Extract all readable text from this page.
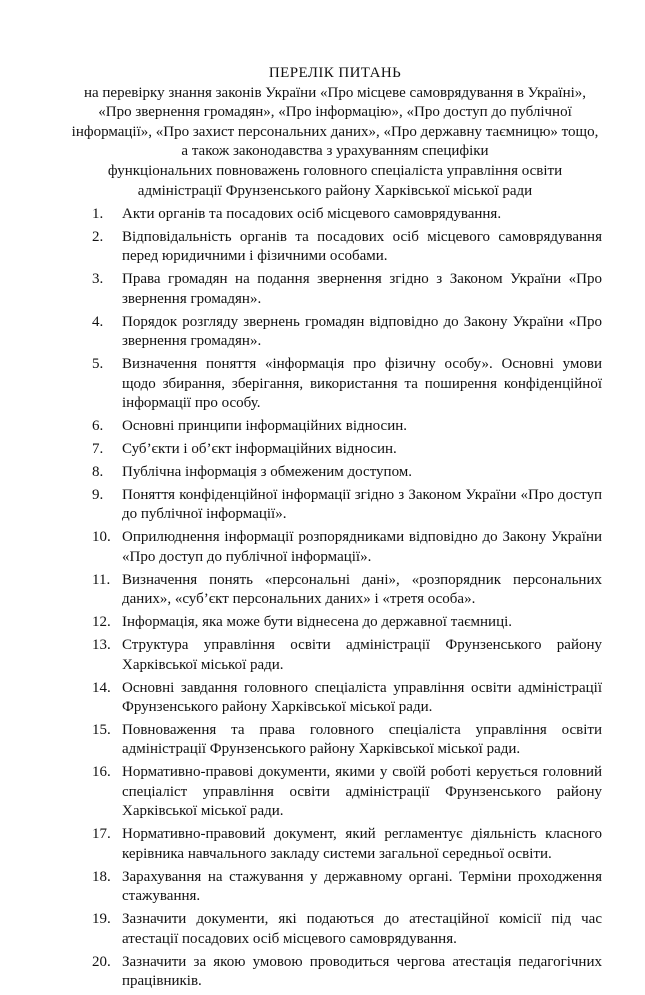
ПЕРЕЛІК ПИТАНЬ
на перевірку знання законів України «Про місцеве самоврядування в Україні»,
«Про звернення громадян», «Про інформацію», «Про доступ до публічної
інформації», «Про захист персональних даних», «Про державну таємницю» тощо,
а також законодавства з урахуванням специфіки
функціональних повноважень головного спеціаліста управління освіти
адміністрації Фрунзенського району Харківської міської ради
1.	Акти органів та посадових осіб місцевого самоврядування.
2.	Відповідальність органів та посадових осіб місцевого самоврядування перед юридичними і фізичними особами.
3.	Права громадян на подання звернення згідно з Законом України «Про звернення громадян».
4.	Порядок розгляду звернень громадян відповідно до Закону України «Про звернення громадян».
5.	Визначення поняття «інформація про фізичну особу». Основні умови щодо збирання, зберігання, використання та поширення конфіденційної інформації про особу.
6.	Основні принципи інформаційних відносин.
7.	Суб’єкти і об’єкт інформаційних відносин.
8.	Публічна інформація з обмеженим доступом.
9.	Поняття конфіденційної інформації згідно з Законом України «Про доступ до публічної інформації».
10. Оприлюднення інформації розпорядниками відповідно до Закону України «Про доступ до публічної інформації».
11. Визначення понять «персональні дані», «розпорядник персональних даних», «суб’єкт персональних даних» і «третя особа».
12. Інформація, яка може бути віднесена до державної таємниці.
13. Структура управління освіти адміністрації Фрунзенського району Харківської міської ради.
14. Основні завдання головного спеціаліста управління освіти адміністрації Фрунзенського району Харківської міської ради.
15. Повноваження та права головного спеціаліста управління освіти адміністрації Фрунзенського району Харківської міської ради.
16. Нормативно-правові документи, якими у своїй роботі керується головний спеціаліст управління освіти адміністрації Фрунзенського району Харківської міської ради.
17. Нормативно-правовий документ, який регламентує діяльність класного керівника навчального закладу системи загальної середньої освіти.
18. Зарахування на стажування у державному органі. Терміни проходження стажування.
19. Зазначити документи, які подаються до атестаційної комісії під час атестації посадових осіб місцевого самоврядування.
20. Зазначити за якою умовою проводиться чергова атестація педагогічних працівників.
